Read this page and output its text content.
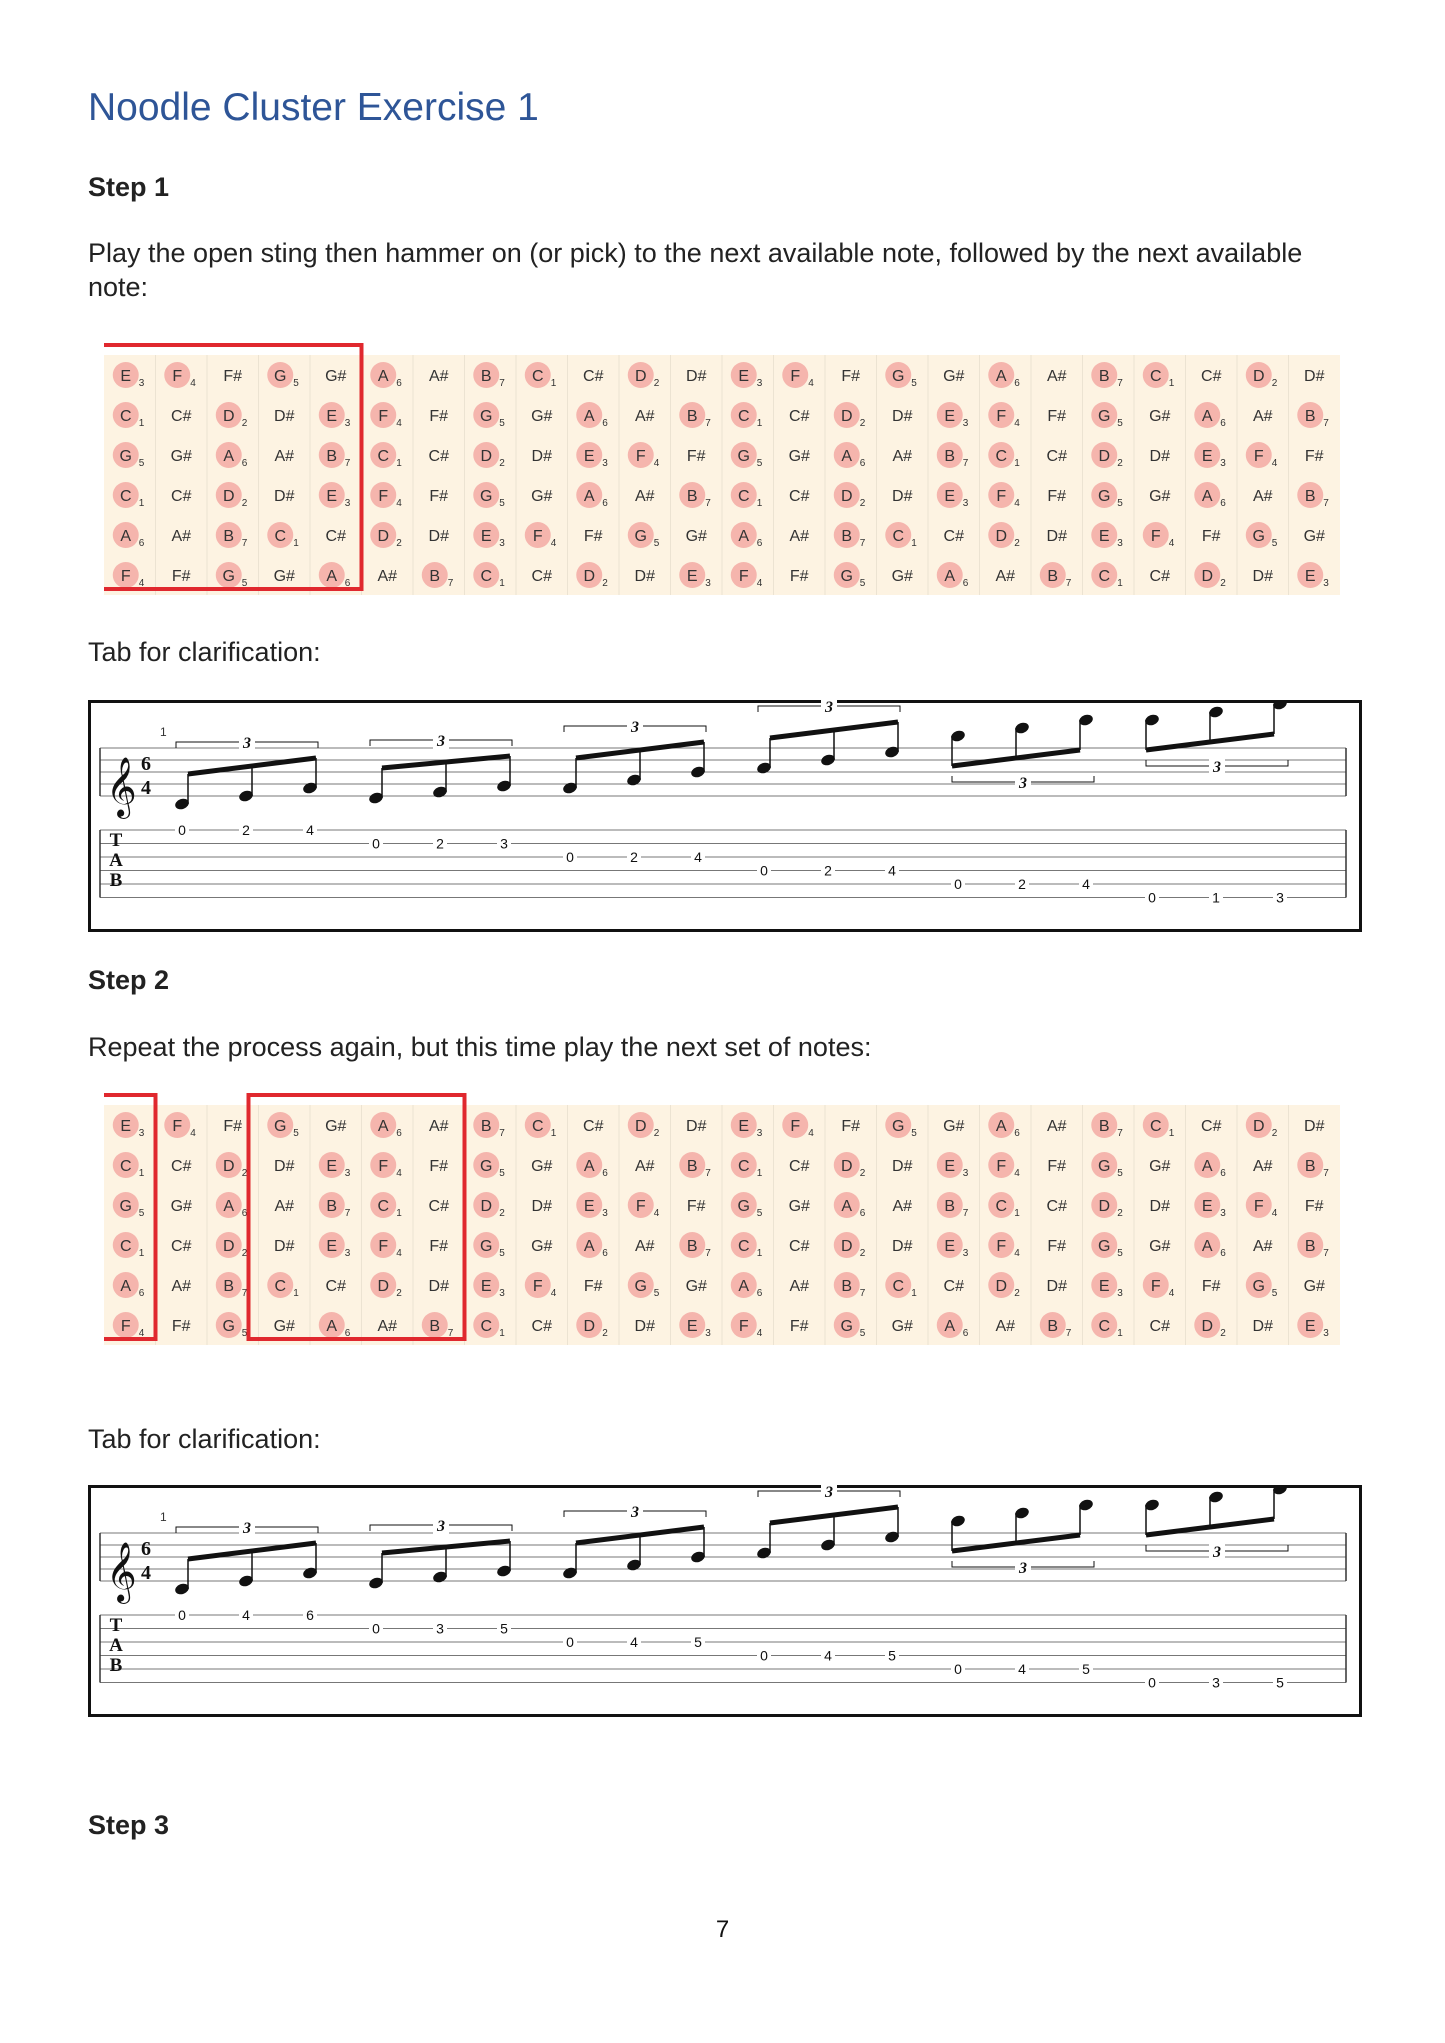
Noodle Cluster Exercise 1
Step 1
Play the open sting then hammer on (or pick) to the next available note, followed by the next available note:
E 3 F 4 F# G 5 G# A 6 A# B 7 C 1 C# D 2 D# E 3 F 4 F# G 5 G# A 6 A# B 7 C 1 C# D 2 D#
C 1 C# D 2 D# E 3 F 4 F# G 5 G# A 6 A# B 7 C 1 C# D 2 D# E 3 F 4 F# G 5 G# A 6 A# B 7
G 5 G# A 6 A# B 7 C 1 C# D 2 D# E 3 F 4 F# G 5 G# A 6 A# B 7 C 1 C# D 2 D# E 3 F 4 F#
C 1 C# D 2 D# E 3 F 4 F# G 5 G# A 6 A# B 7 C 1 C# D 2 D# E 3 F 4 F# G 5 G# A 6 A# B 7
A 6 A# B 7 C 1 C# D 2 D# E 3 F 4 F# G 5 G# A 6 A# B 7 C 1 C# D 2 D# E 3 F 4 F# G 5 G#
F 4 F# G 5 G# A 6 A# B 7 C 1 C# D 2 D# E 3 F 4 F# G 5 G# A 6 A# B 7 C 1 C# D 2 D# E 3
Tab for clarification:
𝄞 6
4
1
T
A
B
0	2	4
3
0	2	3
3
0	2	4
3
0	2	4
3
0	2	4
3
0	1	3
3
Step 2
Repeat the process again, but this time play the next set of notes:
E 3 F 4 F# G 5 G# A 6 A# B 7 C 1 C# D 2 D# E 3 F 4 F# G 5 G# A 6 A# B 7 C 1 C# D 2 D#
C 1 C# D 2 D# E 3 F 4 F# G 5 G# A 6 A# B 7 C 1 C# D 2 D# E 3 F 4 F# G 5 G# A 6 A# B 7
G 5 G# A 6 A# B 7 C 1 C# D 2 D# E 3 F 4 F# G 5 G# A 6 A# B 7 C 1 C# D 2 D# E 3 F 4 F#
C 1 C# D 2 D# E 3 F 4 F# G 5 G# A 6 A# B 7 C 1 C# D 2 D# E 3 F 4 F# G 5 G# A 6 A# B 7
A 6 A# B 7 C 1 C# D 2 D# E 3 F 4 F# G 5 G# A 6 A# B 7 C 1 C# D 2 D# E 3 F 4 F# G 5 G#
F 4 F# G 5 G# A 6 A# B 7 C 1 C# D 2 D# E 3 F 4 F# G 5 G# A 6 A# B 7 C 1 C# D 2 D# E 3
Tab for clarification:
𝄞 6
4
1
T
A
B
0	4	6
3
0	3	5
3
0	4	5
3
0	4	5
3
0	4	5
3
0	3	5
3
Step 3
7
